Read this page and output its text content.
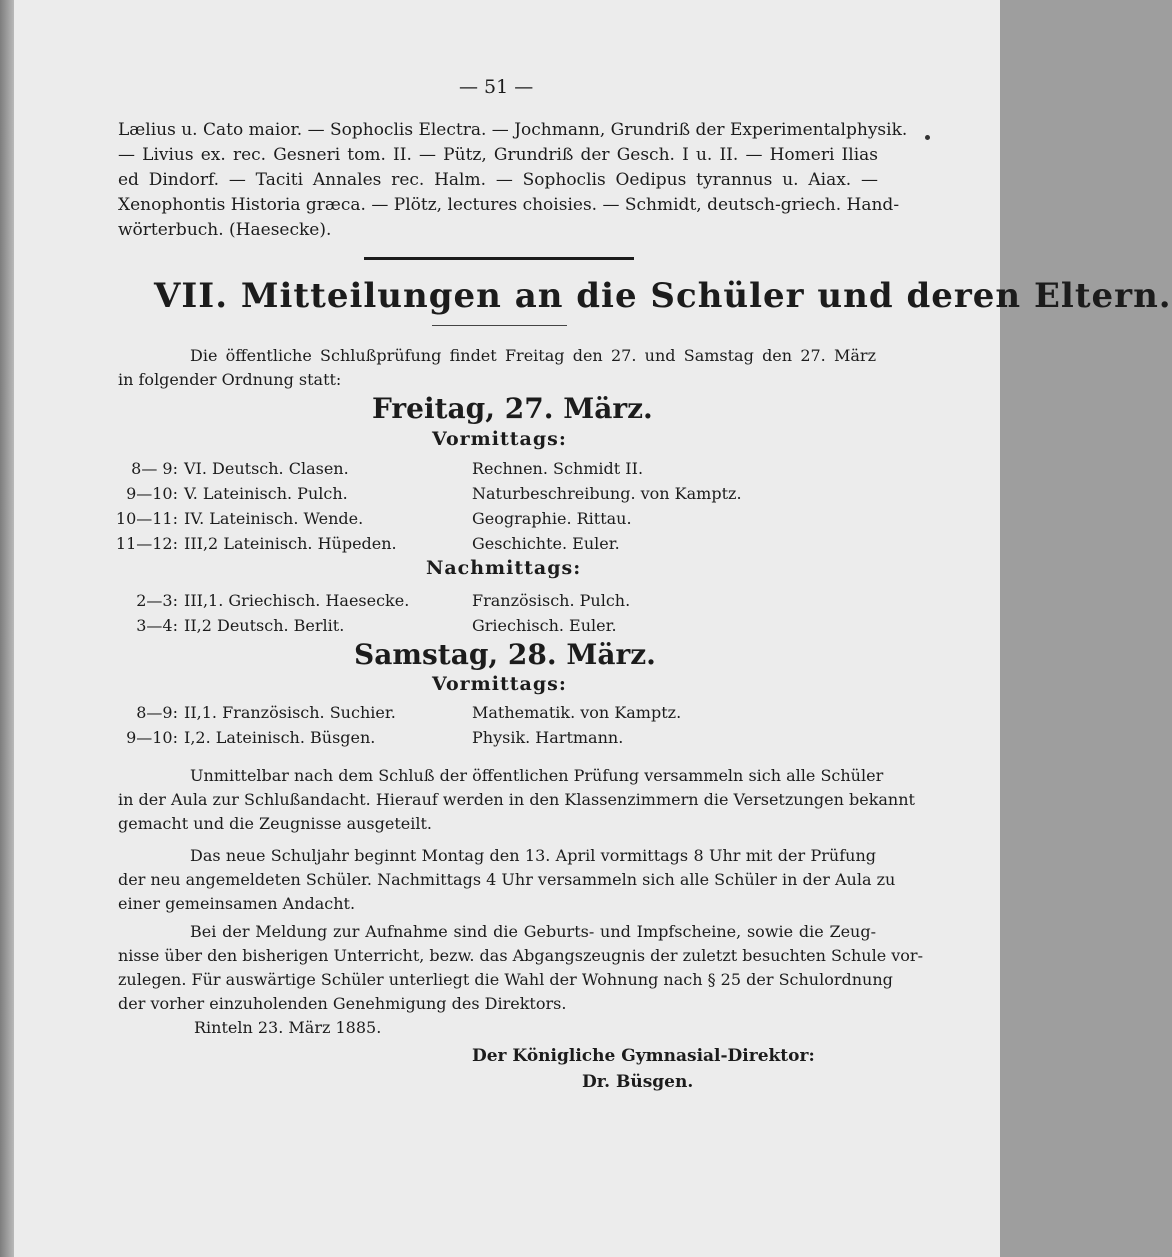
— 51 —
Lælius u. Cato maior. — Sophoclis Electra. — Jochmann, Grundriß der Experimentalphysik.
— Livius ex. rec. Gesneri tom. II. — Pütz, Grundriß der Gesch. I u. II. — Homeri Ilias
ed Dindorf. — Taciti Annales rec. Halm. — Sophoclis Oedipus tyrannus u. Aiax. —
Xenophontis Historia græca. — Plötz, lectures choisies. — Schmidt, deutsch-griech. Hand-
wörterbuch. (Haesecke).
VII. Mitteilungen an die Schüler und deren Eltern.
Die öffentliche Schlußprüfung findet Freitag den 27. und Samstag den 27. März
in folgender Ordnung statt:
Freitag, 27. März.
Vormittags:
8— 9: VI. Deutsch. Clasen.	Rechnen. Schmidt II.
9—10: V. Lateinisch. Pulch.	Naturbeschreibung. von Kamptz.
10—11: IV. Lateinisch. Wende.	Geographie. Rittau.
11—12: III,2 Lateinisch. Hüpeden.	Geschichte. Euler.
Nachmittags:
2—3: III,1. Griechisch. Haesecke.	Französisch. Pulch.
3—4: II,2 Deutsch. Berlit.	Griechisch. Euler.
Samstag, 28. März.
Vormittags:
8—9: II,1. Französisch. Suchier.	Mathematik. von Kamptz.
9—10: I,2. Lateinisch. Büsgen.	Physik. Hartmann.
Unmittelbar nach dem Schluß der öffentlichen Prüfung versammeln sich alle Schüler
in der Aula zur Schlußandacht. Hierauf werden in den Klassenzimmern die Versetzungen bekannt
gemacht und die Zeugnisse ausgeteilt.
Das neue Schuljahr beginnt Montag den 13. April vormittags 8 Uhr mit der Prüfung
der neu angemeldeten Schüler. Nachmittags 4 Uhr versammeln sich alle Schüler in der Aula zu
einer gemeinsamen Andacht.
Bei der Meldung zur Aufnahme sind die Geburts- und Impfscheine, sowie die Zeug-
nisse über den bisherigen Unterricht, bezw. das Abgangszeugnis der zuletzt besuchten Schule vor-
zulegen. Für auswärtige Schüler unterliegt die Wahl der Wohnung nach § 25 der Schulordnung
der vorher einzuholenden Genehmigung des Direktors.
Rinteln 23. März 1885.
Der Königliche Gymnasial-Direktor:
Dr. Büsgen.
